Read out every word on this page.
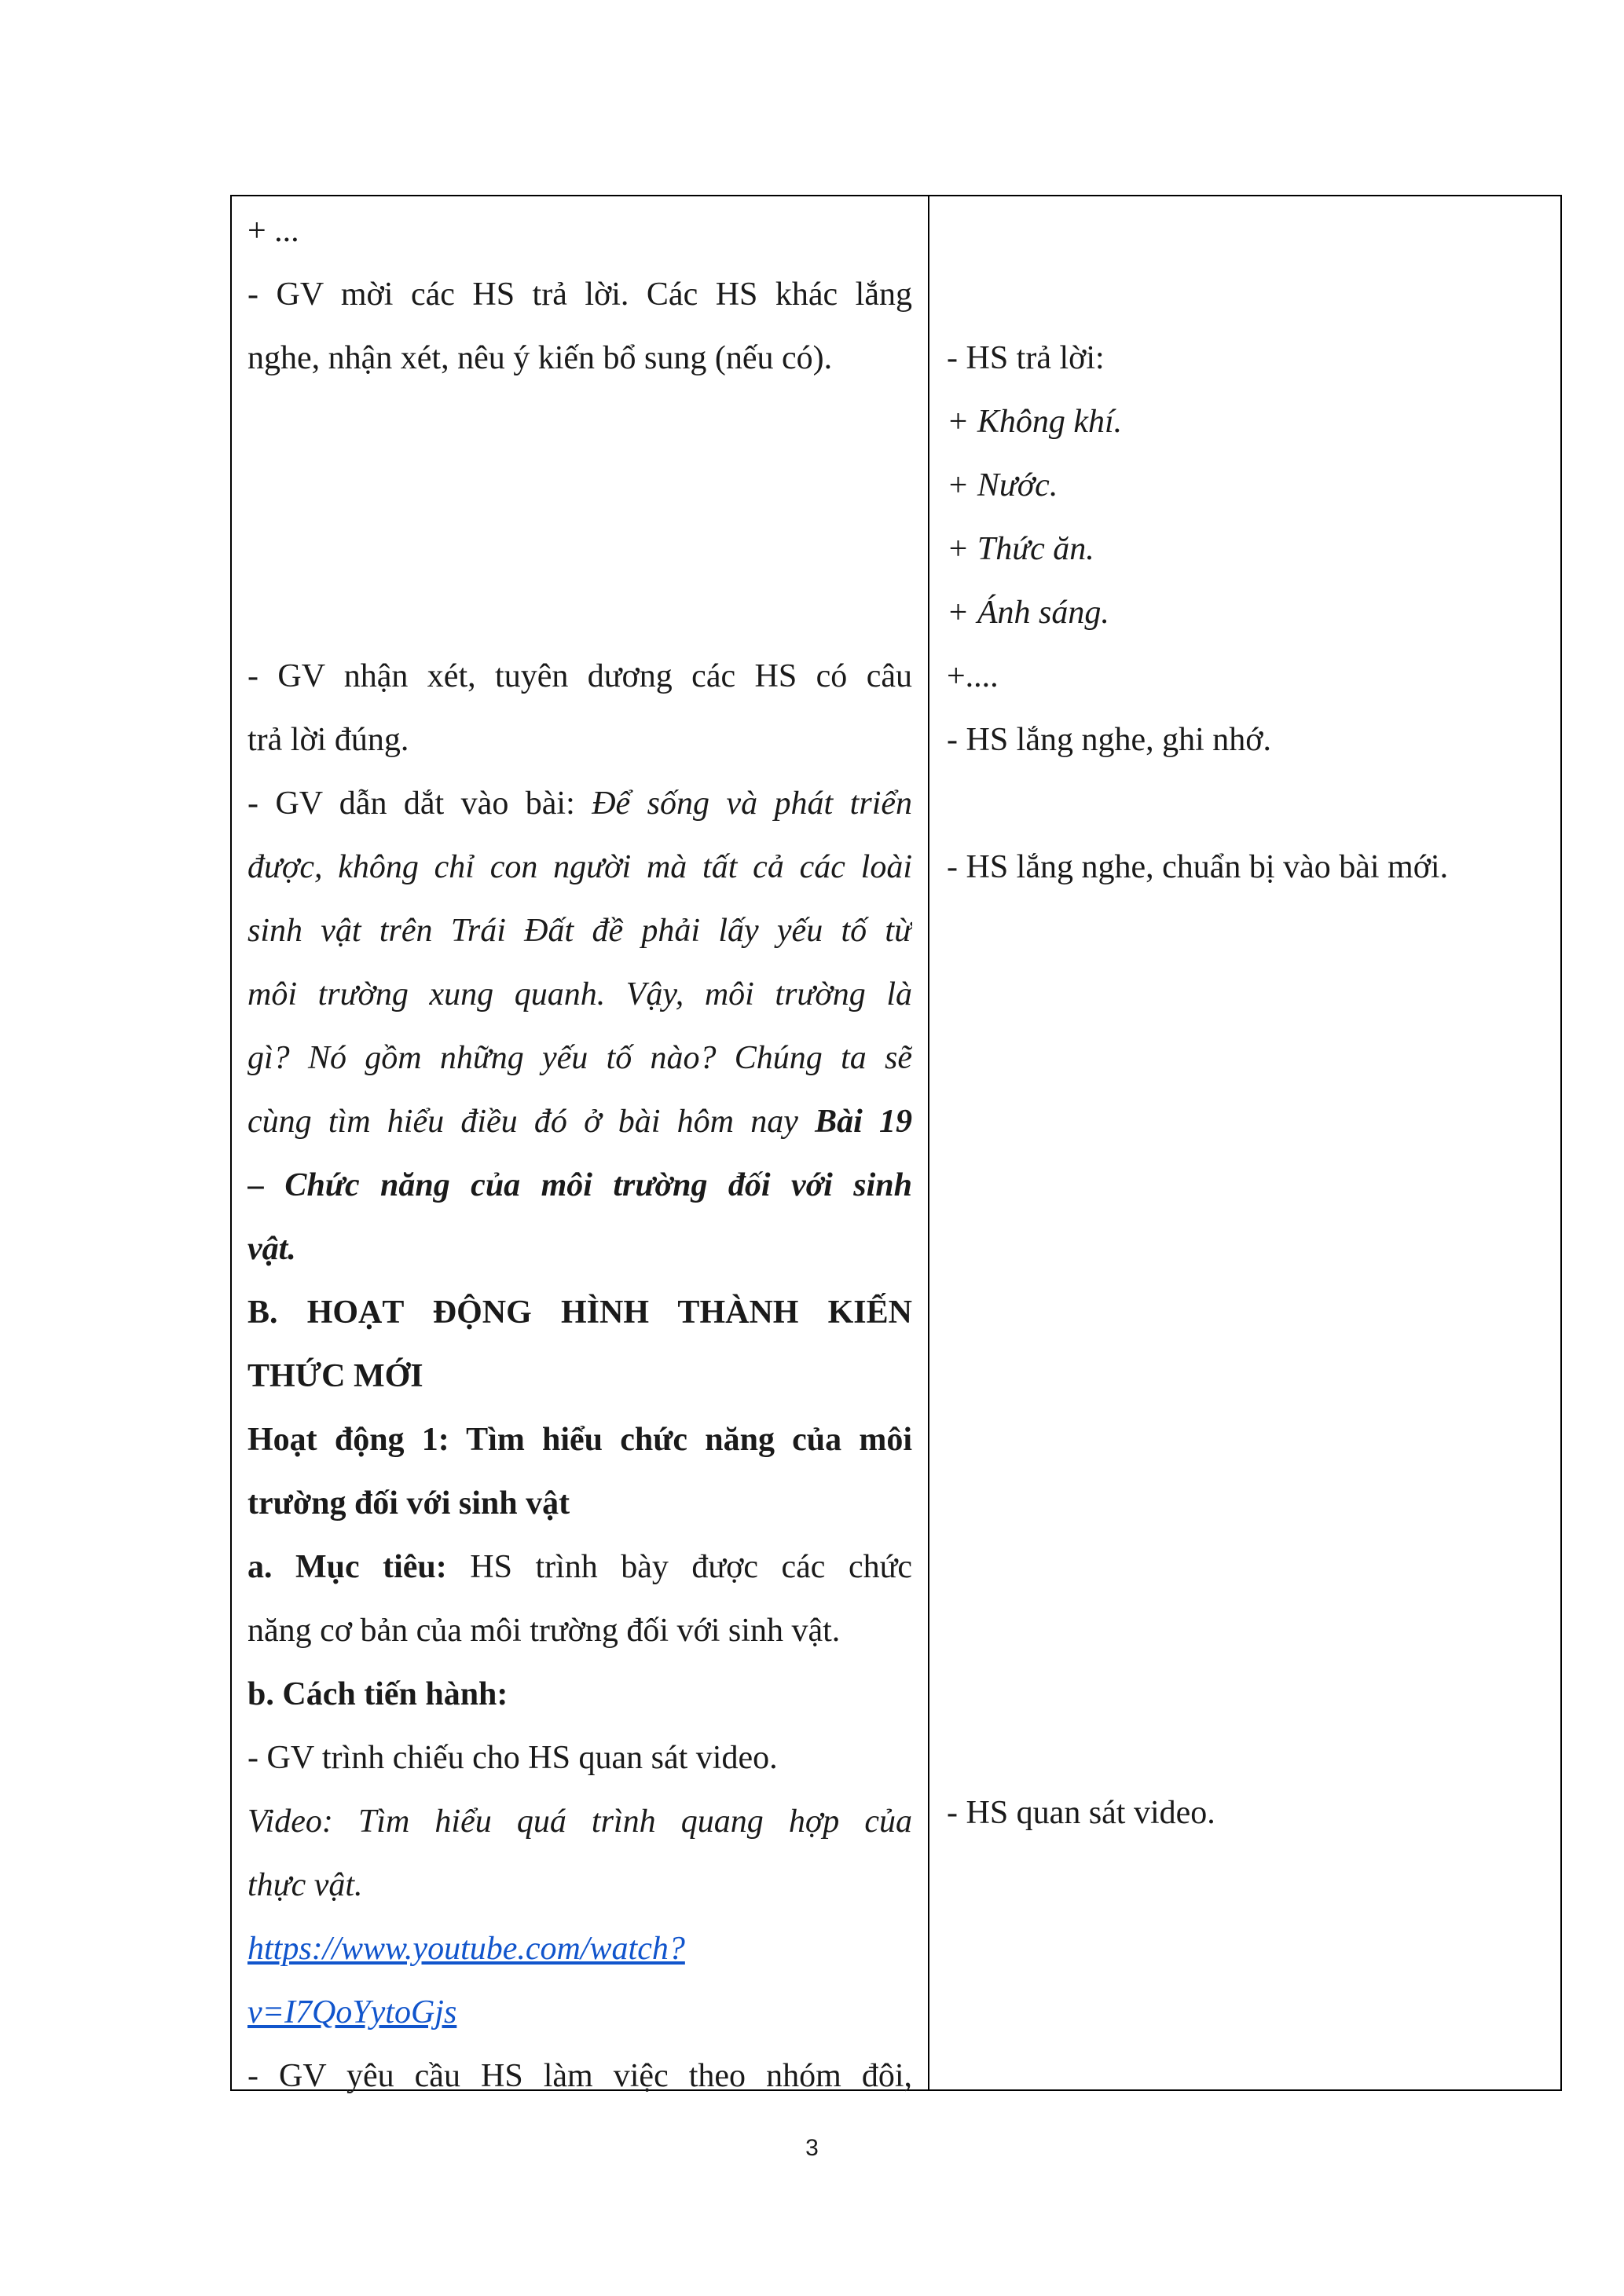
+ ...
- GV mời các HS trả lời. Các HS khác lắng
nghe, nhận xét, nêu ý kiến bổ sung (nếu có).
- GV nhận xét, tuyên dương các HS có câu
trả lời đúng.
- GV dẫn dắt vào bài: Để sống và phát triển
được, không chỉ con người mà tất cả các loài
sinh vật trên Trái Đất đề phải lấy yếu tố từ
môi trường xung quanh. Vậy, môi trường là
gì? Nó gồm những yếu tố nào? Chúng ta sẽ
cùng tìm hiểu điều đó ở bài hôm nay Bài 19
– Chức năng của môi trường đối với sinh
vật.
B. HOẠT ĐỘNG HÌNH THÀNH KIẾN
THỨC MỚI
Hoạt động 1: Tìm hiểu chức năng của môi
trường đối với sinh vật
a. Mục tiêu: HS trình bày được các chức
năng cơ bản của môi trường đối với sinh vật.
b. Cách tiến hành:
- GV trình chiếu cho HS quan sát video.
Video: Tìm hiểu quá trình quang hợp của
thực vật.
https://www.youtube.com/watch?
v=I7QoYytoGjs
- GV yêu cầu HS làm việc theo nhóm đôi,
- HS trả lời:
+ Không khí.
+ Nước.
+ Thức ăn.
+ Ánh sáng.
+....
- HS lắng nghe, ghi nhớ.
- HS lắng nghe, chuẩn bị vào bài mới.
- HS quan sát video.
3
